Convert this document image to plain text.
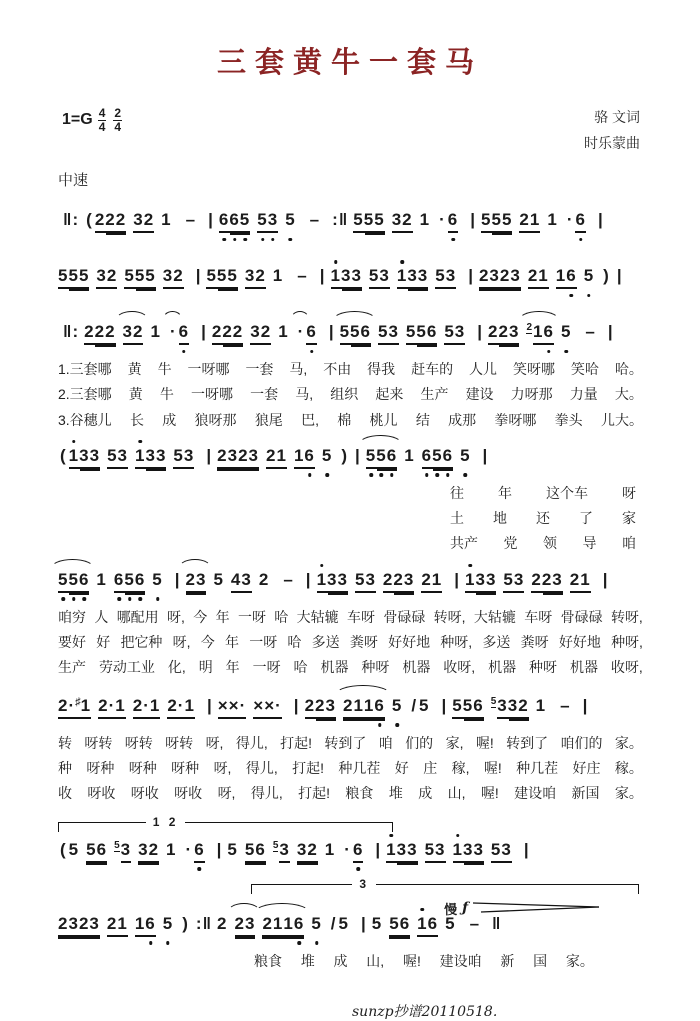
三套黄牛一套马
$1=G \frac{4}{4} \frac{2}{4}$	骆 文词
时乐蒙曲
中速
‖: ( 222 32 1 – | 665 53 5 – :‖ 555 32 1 · 6 | 555 21 1 · 6 |
555 32 555 32 | 555 32 1 – | 133 53 133 53 | 2323 21 16 5 ) |
‖: 222 32 1 · 6 | 222 32 1 · 6 | 556 53 556 53 | 223 $^2$16 5 – |
1.三套哪 黄 牛 一呀哪 一套 马, 不由 得我 赶车的 人儿 笑呀哪 笑哈 哈。
2.三套哪 黄 牛 一呀哪 一套 马, 组织 起来 生产 建设 力呀那 力量 大。
3.谷穗儿 长 成 狼呀那 狼尾 巴, 棉 桃儿 结 成那 拳呀哪 拳头 儿大。
( 133 53 133 53 | 2323 21 16 5 ) | 556 1 656 5 |
往 年 这个车 呀
土 地 还 了 家
共产 党 领 导 咱
556 1 656 5 | 23 5 43 2 – | 133 53 223 21 | 133 53 223 21 |
咱穷 人 哪配用 呀, 今 年 一呀 哈 大轱辘 车呀 骨碌碌 转呀, 大轱辘 车呀 骨碌碌 转呀,
要好 好 把它种 呀, 今 年 一呀 哈 多送 粪呀 好好地 种呀, 多送 粪呀 好好地 种呀,
生产 劳动工业 化, 明 年 一呀 哈 机器 种呀 机器 收呀, 机器 种呀 机器 收呀,
2·♯1 2·1 2·1 2·1 | ××· ××· | 223 2116 5 / 5 | 556 $^5$332 1 – |
转 呀转 呀转 呀转 呀, 得儿, 打起! 转到了 咱 们的 家, 喔! 转到了 咱们的 家。
种 呀种 呀种 呀种 呀, 得儿, 打起! 种几茬 好 庄 稼, 喔! 种几茬 好庄 稼。
收 呀收 呀收 呀收 呀, 得儿, 打起! 粮食 堆 成 山, 喔! 建设咱 新国 家。
1 2
( 5 56 $^5$3 32 1 · 6 | 5 56 $^5$3 32 1 · 6 | 133 53 133 53 |
3
慢 ƒ
2323 21 16 5 ) :‖ 2 23 2116 5 / 5 | 5 56 16 5 – ‖
粮食 堆 成 山, 喔! 建设咱 新 国 家。
sunzp抄谱20110518.
